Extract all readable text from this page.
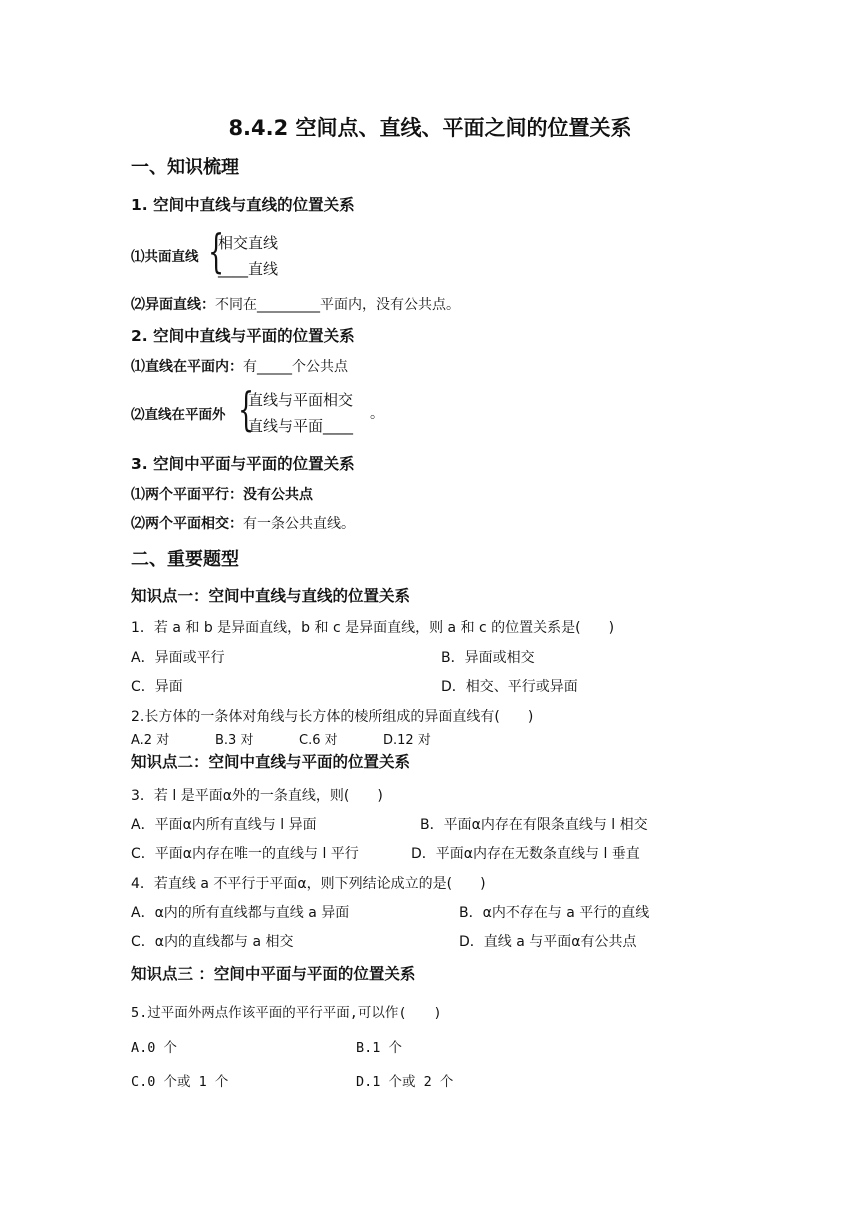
8.4.2 空间点、直线、平面之间的位置关系
一、知识梳理
1. 空间中直线与直线的位置关系
⑴共面直线 {
相交直线
____直线
⑵异面直线：不同在_________平面内，没有公共点。
2. 空间中直线与平面的位置关系
⑴直线在平面内：有_____个公共点
⑵直线在平面外 {
直线与平面相交
直线与平面____
。
3. 空间中平面与平面的位置关系
⑴两个平面平行：没有公共点
⑵两个平面相交：有一条公共直线。
二、重要题型
知识点一：空间中直线与直线的位置关系
1．若 a 和 b 是异面直线，b 和 c 是异面直线，则 a 和 c 的位置关系是(　　)
A．异面或平行	B．异面或相交
C．异面	D．相交、平行或异面
2.长方体的一条体对角线与长方体的棱所组成的异面直线有(　　)
A.2 对	B.3 对	C.6 对	D.12 对
知识点二：空间中直线与平面的位置关系
3．若 l 是平面α外的一条直线，则(　　)
A．平面α内所有直线与 l 异面	B．平面α内存在有限条直线与 l 相交
C．平面α内存在唯一的直线与 l 平行	D．平面α内存在无数条直线与 l 垂直
4．若直线 a 不平行于平面α，则下列结论成立的是(　　)
A．α内的所有直线都与直线 a 异面	B．α内不存在与 a 平行的直线
C．α内的直线都与 a 相交	D．直线 a 与平面α有公共点
知识点三 ：空间中平面与平面的位置关系
5.过平面外两点作该平面的平行平面,可以作(　　)
A.0 个	B.1 个
C.0 个或 1 个	D.1 个或 2 个
